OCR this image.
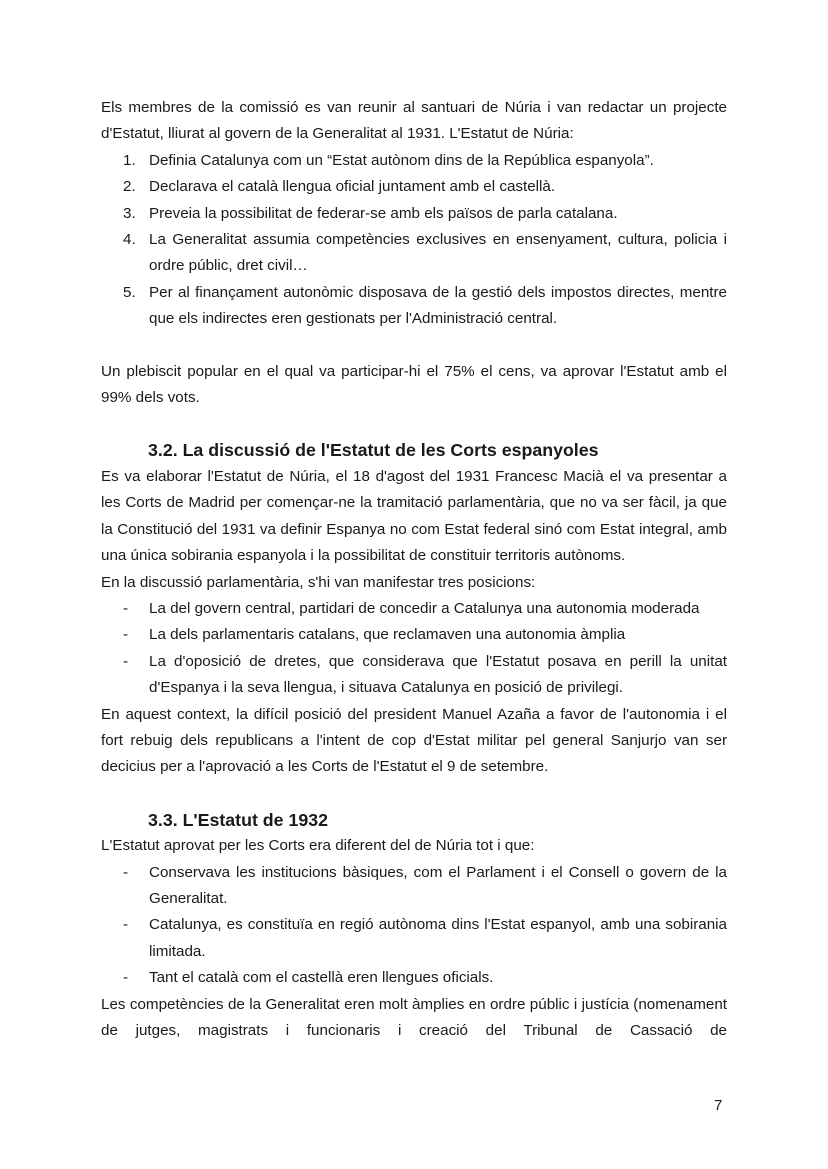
Els membres de la comissió es van reunir al santuari de Núria i van redactar un projecte d'Estatut, lliurat al govern de la Generalitat al 1931. L'Estatut de Núria:

1. Definia Catalunya com un “Estat autònom dins de la República espanyola”.
2. Declarava el català llengua oficial juntament amb el castellà.
3. Preveia la possibilitat de federar-se amb els països de parla catalana.
4. La Generalitat assumia competències exclusives en ensenyament, cultura, policia i ordre públic, dret civil…
5. Per al finançament autonòmic disposava de la gestió dels impostos directes, mentre que els indirectes eren gestionats per l'Administració central.

Un plebiscit popular en el qual va participar-hi el 75% el cens, va aprovar l'Estatut amb el 99% dels vots.

3.2. La discussió de l'Estatut de les Corts espanyoles

Es va elaborar l'Estatut de Núria, el 18 d'agost del 1931 Francesc Macià el va presentar a les Corts de Madrid per començar-ne la tramitació parlamentària, que no va ser fàcil, ja que la Constitució del 1931 va definir Espanya no com Estat federal sinó com Estat integral, amb una única sobirania espanyola i la possibilitat de constituir territoris autònoms.

En la discussió parlamentària, s'hi van manifestar tres posicions:

- La del govern central, partidari de concedir a Catalunya una autonomia moderada
- La dels parlamentaris catalans, que reclamaven una autonomia àmplia
- La d'oposició de dretes, que considerava que l'Estatut posava en perill la unitat d'Espanya i la seva llengua, i situava Catalunya en posició de privilegi.

En aquest context, la difícil posició del president Manuel Azaña a favor de l'autonomia i el fort rebuig dels republicans a l'intent de cop d'Estat militar pel general Sanjurjo van ser decicius per a l'aprovació a les Corts de l'Estatut el 9 de setembre.

3.3. L'Estatut de 1932

L'Estatut aprovat per les Corts era diferent del de Núria tot i que:

- Conservava les institucions bàsiques, com el Parlament i el Consell o govern de la Generalitat.
- Catalunya, es constituïa en regió autònoma dins l'Estat espanyol, amb una sobirania limitada.
- Tant el català com el castellà eren llengues oficials.

Les competències de la Generalitat eren molt àmplies en ordre públic i justícia (nomenament de jutges, magistrats i funcionaris i creació del Tribunal de Cassació de

7
